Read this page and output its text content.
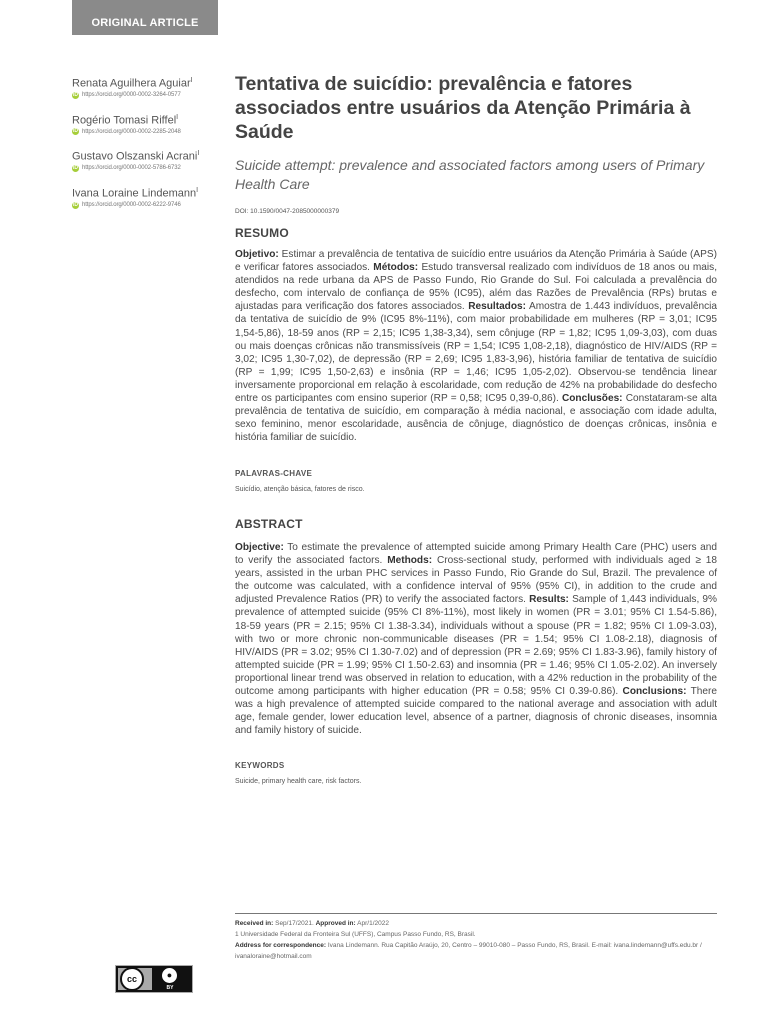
ORIGINAL ARTICLE
Renata Aguilhera Aguiar$^I$
iD https://orcid.org/0000-0002-3264-0577
Rogério Tomasi Riffel$^I$
iD https://orcid.org/0000-0002-2285-2048
Gustavo Olszanski Acrani$^I$
iD https://orcid.org/0000-0002-5786-6732
Ivana Loraine Lindemann$^I$
iD https://orcid.org/0000-0002-6222-9746
Tentativa de suicídio: prevalência e fatores associados entre usuários da Atenção Primária à Saúde
Suicide attempt: prevalence and associated factors among users of Primary Health Care
DOI: 10.1590/0047-2085000000379
RESUMO
Objetivo: Estimar a prevalência de tentativa de suicídio entre usuários da Atenção Primária à Saúde (APS) e verificar fatores associados. Métodos: Estudo transversal realizado com indivíduos de 18 anos ou mais, atendidos na rede urbana da APS de Passo Fundo, Rio Grande do Sul. Foi calculada a prevalência do desfecho, com intervalo de confiança de 95% (IC95), além das Razões de Prevalência (RPs) brutas e ajustadas para verificação dos fatores associados. Resultados: Amostra de 1.443 indivíduos, prevalência da tentativa de suicídio de 9% (IC95 8%-11%), com maior probabilidade em mulheres (RP = 3,01; IC95 1,54-5,86), 18-59 anos (RP = 2,15; IC95 1,38-3,34), sem cônjuge (RP = 1,82; IC95 1,09-3,03), com duas ou mais doenças crônicas não transmissíveis (RP = 1,54; IC95 1,08-2,18), diagnóstico de HIV/AIDS (RP = 3,02; IC95 1,30-7,02), de depressão (RP = 2,69; IC95 1,83-3,96), história familiar de tentativa de suicídio (RP = 1,99; IC95 1,50-2,63) e insônia (RP = 1,46; IC95 1,05-2,02). Observou-se tendência linear inversamente proporcional em relação à escolaridade, com redução de 42% na probabilidade do desfecho entre os participantes com ensino superior (RP = 0,58; IC95 0,39-0,86). Conclusões: Constataram-se alta prevalência de tentativa de suicídio, em comparação à média nacional, e associação com idade adulta, sexo feminino, menor escolaridade, ausência de cônjuge, diagnóstico de doenças crônicas, insônia e história familiar de suicídio.
PALAVRAS-CHAVE
Suicídio, atenção básica, fatores de risco.
ABSTRACT
Objective: To estimate the prevalence of attempted suicide among Primary Health Care (PHC) users and to verify the associated factors. Methods: Cross-sectional study, performed with individuals aged ≥ 18 years, assisted in the urban PHC services in Passo Fundo, Rio Grande do Sul, Brazil. The prevalence of the outcome was calculated, with a confidence interval of 95% (95% CI), in addition to the crude and adjusted Prevalence Ratios (PR) to verify the associated factors. Results: Sample of 1,443 individuals, 9% prevalence of attempted suicide (95% CI 8%-11%), most likely in women (PR = 3.01; 95% CI 1.54-5.86), 18-59 years (PR = 2.15; 95% CI 1.38-3.34), individuals without a spouse (PR = 1.82; 95% CI 1.09-3.03), with two or more chronic non-communicable diseases (PR = 1.54; 95% CI 1.08-2.18), diagnosis of HIV/AIDS (PR = 3.02; 95% CI 1.30-7.02) and of depression (PR = 2.69; 95% CI 1.83-3.96), family history of attempted suicide (PR = 1.99; 95% CI 1.50-2.63) and insomnia (PR = 1.46; 95% CI 1.05-2.02). An inversely proportional linear trend was observed in relation to education, with a 42% reduction in the probability of the outcome among participants with higher education (PR = 0.58; 95% CI 0.39-0.86). Conclusions: There was a high prevalence of attempted suicide compared to the national average and association with adult age, female gender, lower education level, absence of a partner, diagnosis of chronic diseases, insomnia and family history of suicide.
KEYWORDS
Suicide, primary health care, risk factors.

Received in: Sep/17/2021. Approved in: Apr/1/2022

1 Universidade Federal da Fronteira Sul (UFFS), Campus Passo Fundo, RS, Brasil.

Address for correspondence: Ivana Lindemann. Rua Capitão Araújo, 20, Centro – 99010-080 – Passo Fundo, RS, Brasil. E-mail: ivana.lindemann@uffs.edu.br / ivanaloraine@hotmail.com

cc	●
BY
